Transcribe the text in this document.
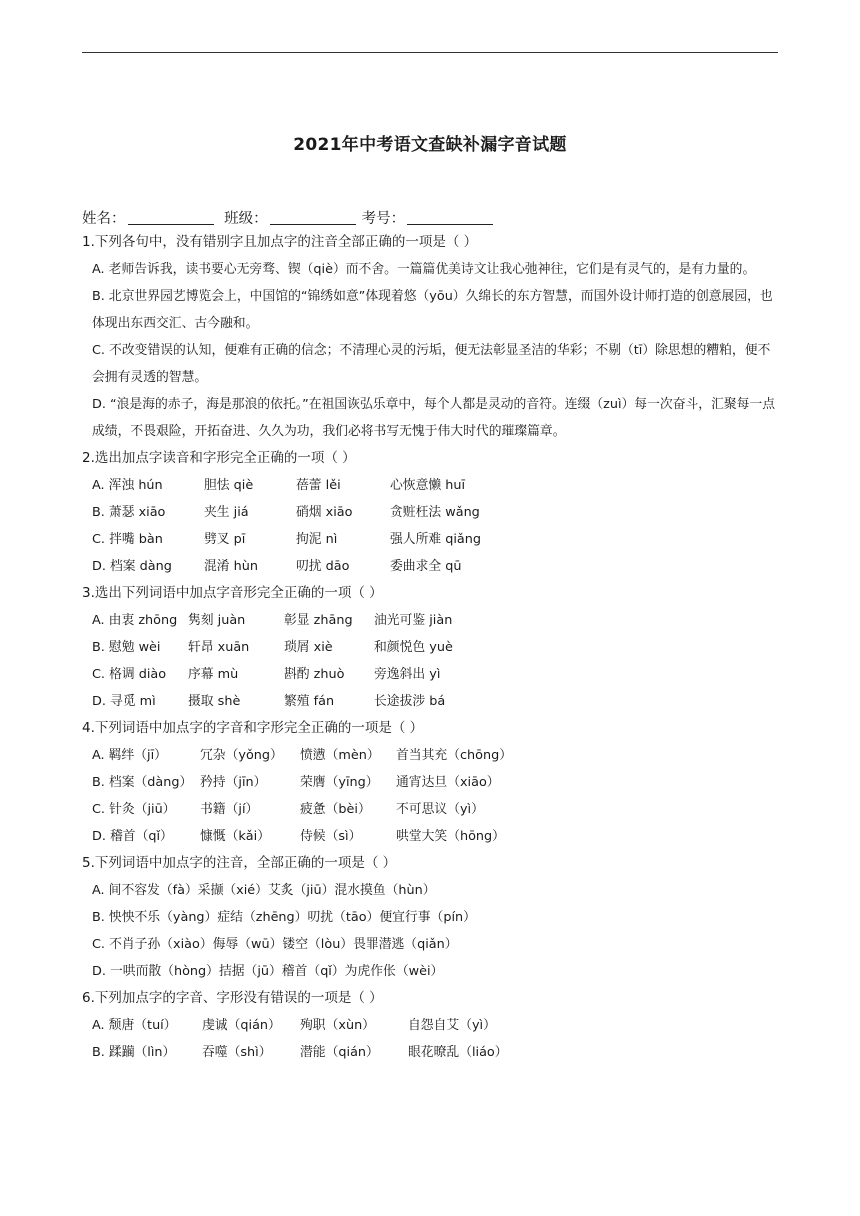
2021年中考语文查缺补漏字音试题
姓名：	班级：	考号：
1.下列各句中，没有错别字且加点字的注音全部正确的一项是（ ）
A. 老师告诉我，读书要心无旁骛、锲（qiè）而不舍。一篇篇优美诗文让我心弛神往，它们是有灵气的，是有力量的。
B. 北京世界园艺博览会上，中国馆的“锦绣如意”体现着悠（yōu）久绵长的东方智慧，而国外设计师打造的创意展园，也体现出东西交汇、古今融和。
C. 不改变错误的认知，便难有正确的信念；不清理心灵的污垢，便无法彰显圣洁的华彩；不剔（tī）除思想的糟粕，便不会拥有灵透的智慧。
D. “浪是海的赤子，海是那浪的依托。”在祖国诙弘乐章中，每个人都是灵动的音符。连缀（zuì）每一次奋斗，汇聚每一点成绩，不畏艰险，开拓奋进、久久为功，我们必将书写无愧于伟大时代的璀璨篇章。
2.选出加点字读音和字形完全正确的一项（ ）
A. 浑浊 hún	胆怯 qiè	蓓蕾 lěi	心恢意懒 huī
B. 萧瑟 xiāo	夹生 jiá	硝烟 xiāo	贪赃枉法 wǎng
C. 拌嘴 bàn	劈叉 pī	拘泥 nì	强人所难 qiǎng
D. 档案 dàng	混淆 hùn	叨扰 dāo	委曲求全 qū
3.选出下列词语中加点字音形完全正确的一项（ ）
A. 由衷 zhōng 隽刻 juàn	彰显 zhāng 油光可鉴 jiàn
B. 慰勉 wèi 轩昂 xuān	琐屑 xiè	和颜悦色 yuè
C. 格调 diào 序幕 mù	斟酌 zhuò 旁逸斜出 yì
D. 寻觅 mì	摄取 shè	繁殖 fán	长途拔涉 bá
4.下列词语中加点字的字音和字形完全正确的一项是（ ）
A. 羁绊（jī）	冗杂（yǒng） 愤懑（mèn） 首当其充（chōng）
B. 档案（dàng） 矜持（jīn）	荣膺（yīng） 通宵达旦（xiāo）
C. 针灸（jiū） 书籍（jí）	疲惫（bèi） 不可思议（yì）
D. 稽首（qǐ） 慷慨（kǎi） 侍候（sì）	哄堂大笑（hōng）
5.下列词语中加点字的注音，全部正确的一项是（ ）
A. 间不容发（fà）采撷（xié）艾炙（jiū）混水摸鱼（hùn）
B. 怏怏不乐（yàng）症结（zhēng）叨扰（tāo）便宜行事（pín）
C. 不肖子孙（xiào）侮辱（wū）镂空（lòu）畏罪潜逃（qiǎn）
D. 一哄而散（hòng）拮据（jū）稽首（qǐ）为虎作伥（wèi）
6.下列加点字的字音、字形没有错误的一项是（ ）
A. 颓唐（tuí） 虔诚（qián） 殉职（xùn）	自怨自艾（yì）
B. 蹂躏（lìn） 吞噬（shì） 潜能（qián） 眼花暸乱（liáo）
